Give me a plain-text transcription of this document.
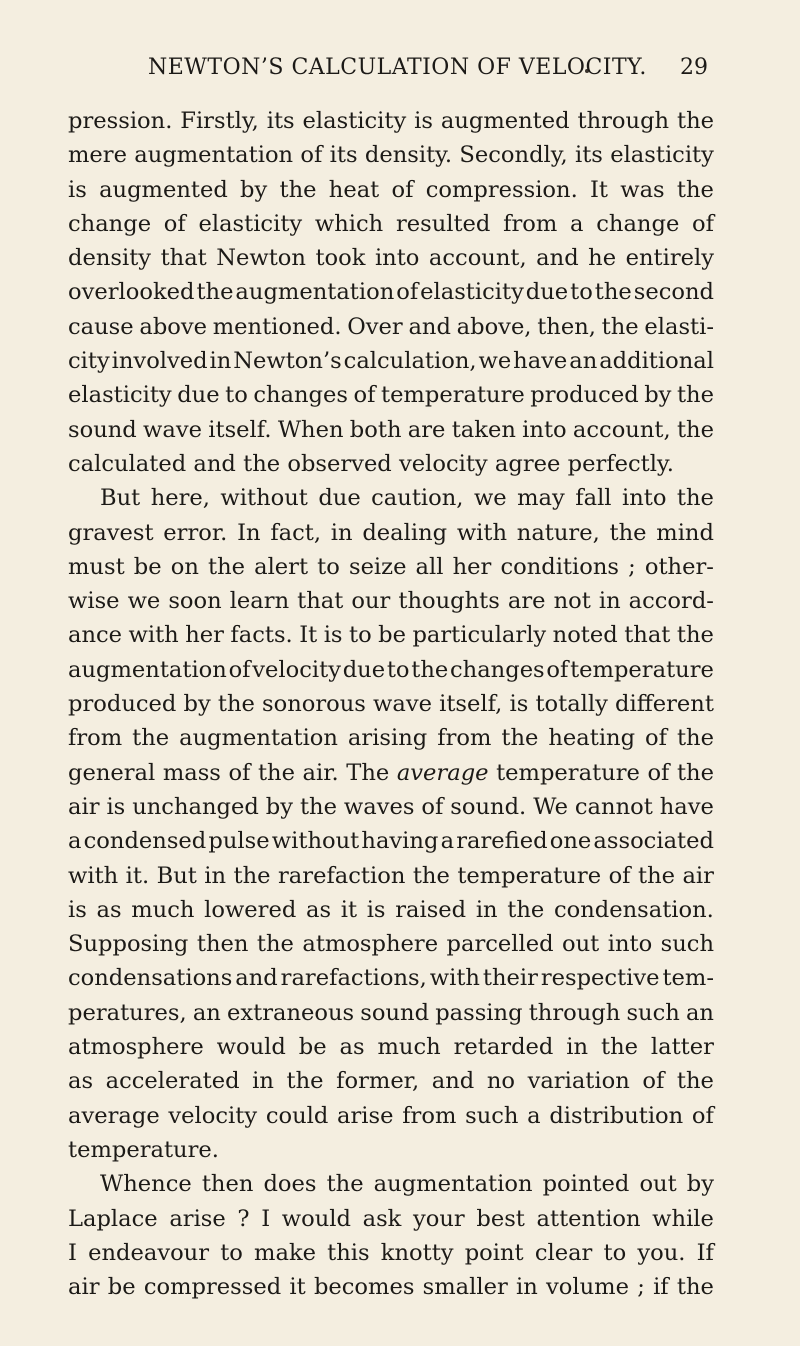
NEWTON’S CALCULATION OF VELOCITY. 29
pression. Firstly, its elasticity is augmented through the
mere augmentation of its density. Secondly, its elasticity
is augmented by the heat of compression. It was the
change of elasticity which resulted from a change of
density that Newton took into account, and he entirely
overlooked the augmentation of elasticity due to the second
cause above mentioned. Over and above, then, the elasti-
city involved in Newton’s calculation, we have an additional
elasticity due to changes of temperature produced by the
sound wave itself. When both are taken into account, the
calculated and the observed velocity agree perfectly.
But here, without due caution, we may fall into the
gravest error. In fact, in dealing with nature, the mind
must be on the alert to seize all her conditions ; other-
wise we soon learn that our thoughts are not in accord-
ance with her facts. It is to be particularly noted that the
augmentation of velocity due to the changes of temperature
produced by the sonorous wave itself, is totally different
from the augmentation arising from the heating of the
general mass of the air. The average temperature of the
air is unchanged by the waves of sound. We cannot have
a condensed pulse without having a rarefied one associated
with it. But in the rarefaction the temperature of the air
is as much lowered as it is raised in the condensation.
Supposing then the atmosphere parcelled out into such
condensations and rarefactions, with their respective tem-
peratures, an extraneous sound passing through such an
atmosphere would be as much retarded in the latter
as accelerated in the former, and no variation of the
average velocity could arise from such a distribution of
temperature.
Whence then does the augmentation pointed out by
Laplace arise ? I would ask your best attention while
I endeavour to make this knotty point clear to you. If
air be compressed it becomes smaller in volume ; if the
